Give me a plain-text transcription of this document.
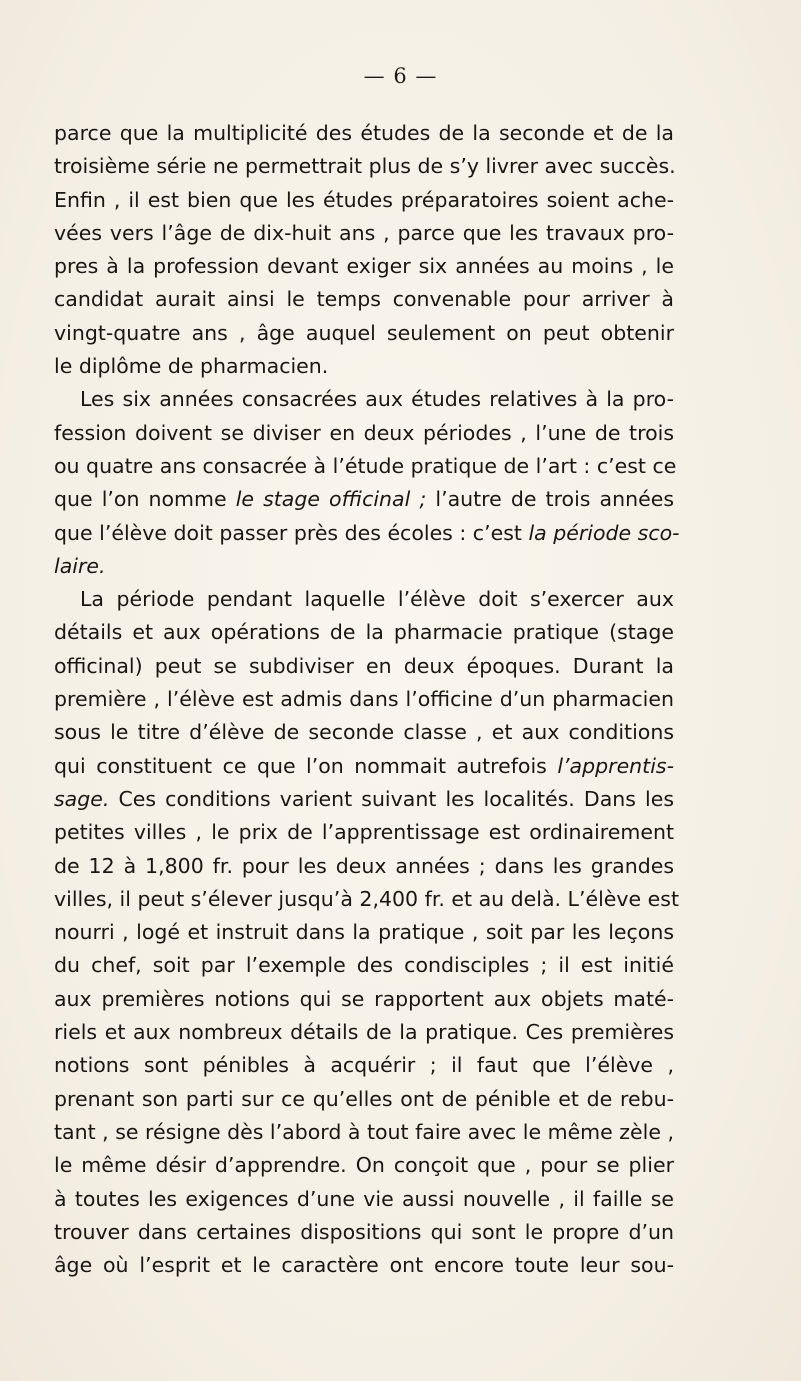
— 6 —
parce que la multiplicité des études de la seconde et de la
troisième série ne permettrait plus de s’y livrer avec succès.
Enfin , il est bien que les études préparatoires soient ache-
vées vers l’âge de dix-huit ans , parce que les travaux pro-
pres à la profession devant exiger six années au moins , le
candidat aurait ainsi le temps convenable pour arriver à
vingt-quatre ans , âge auquel seulement on peut obtenir
le diplôme de pharmacien.
Les six années consacrées aux études relatives à la pro-
fession doivent se diviser en deux périodes , l’une de trois
ou quatre ans consacrée à l’étude pratique de l’art : c’est ce
que l’on nomme le stage officinal ; l’autre de trois années
que l’élève doit passer près des écoles : c’est la période sco-
laire.
La période pendant laquelle l’élève doit s’exercer aux
détails et aux opérations de la pharmacie pratique (stage
officinal) peut se subdiviser en deux époques. Durant la
première , l’élève est admis dans l’officine d’un pharmacien
sous le titre d’élève de seconde classe , et aux conditions
qui constituent ce que l’on nommait autrefois l’apprentis-
sage. Ces conditions varient suivant les localités. Dans les
petites villes , le prix de l’apprentissage est ordinairement
de 12 à 1,800 fr. pour les deux années ; dans les grandes
villes, il peut s’élever jusqu’à 2,400 fr. et au delà. L’élève est
nourri , logé et instruit dans la pratique , soit par les leçons
du chef, soit par l’exemple des condisciples ; il est initié
aux premières notions qui se rapportent aux objets maté-
riels et aux nombreux détails de la pratique. Ces premières
notions sont pénibles à acquérir ; il faut que l’élève ,
prenant son parti sur ce qu’elles ont de pénible et de rebu-
tant , se résigne dès l’abord à tout faire avec le même zèle ,
le même désir d’apprendre. On conçoit que , pour se plier
à toutes les exigences d’une vie aussi nouvelle , il faille se
trouver dans certaines dispositions qui sont le propre d’un
âge où l’esprit et le caractère ont encore toute leur sou-
